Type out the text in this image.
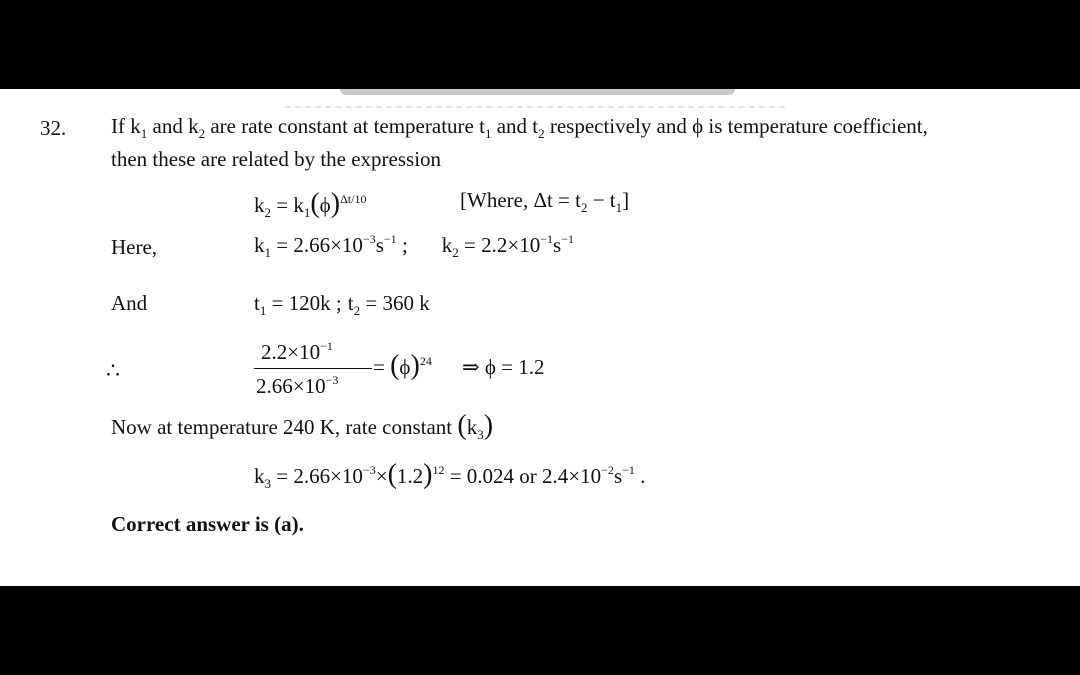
32. If $k_1$ and $k_2$ are rate constant at temperature $t_1$ and $t_2$ respectively and ϕ is temperature coefficient,
then these are related by the expression
$k_2 = k_1(\phi)^{\Delta t/10}$	[Where, $\Delta t = t_2 - t_1$]
Here,	$k_1 = 2.66\times 10^{-3}s^{-1}$ ; $k_2 = 2.2\times 10^{-1}s^{-1}$
And	$t_1 = 120k$ ; $t_2 = 360$ k
∴
$2.2\times 10^{-1}$
$2.66\times 10^{-3}$
= $(\phi)^{24}$ ⇒ ϕ = 1.2
Now at temperature 240 K, rate constant $(k_3)$
$k_3 = 2.66\times 10^{-3}\times(1.2)^{12} = 0.024$ or $2.4\times 10^{-2}s^{-1}$ .
Correct answer is (a).
